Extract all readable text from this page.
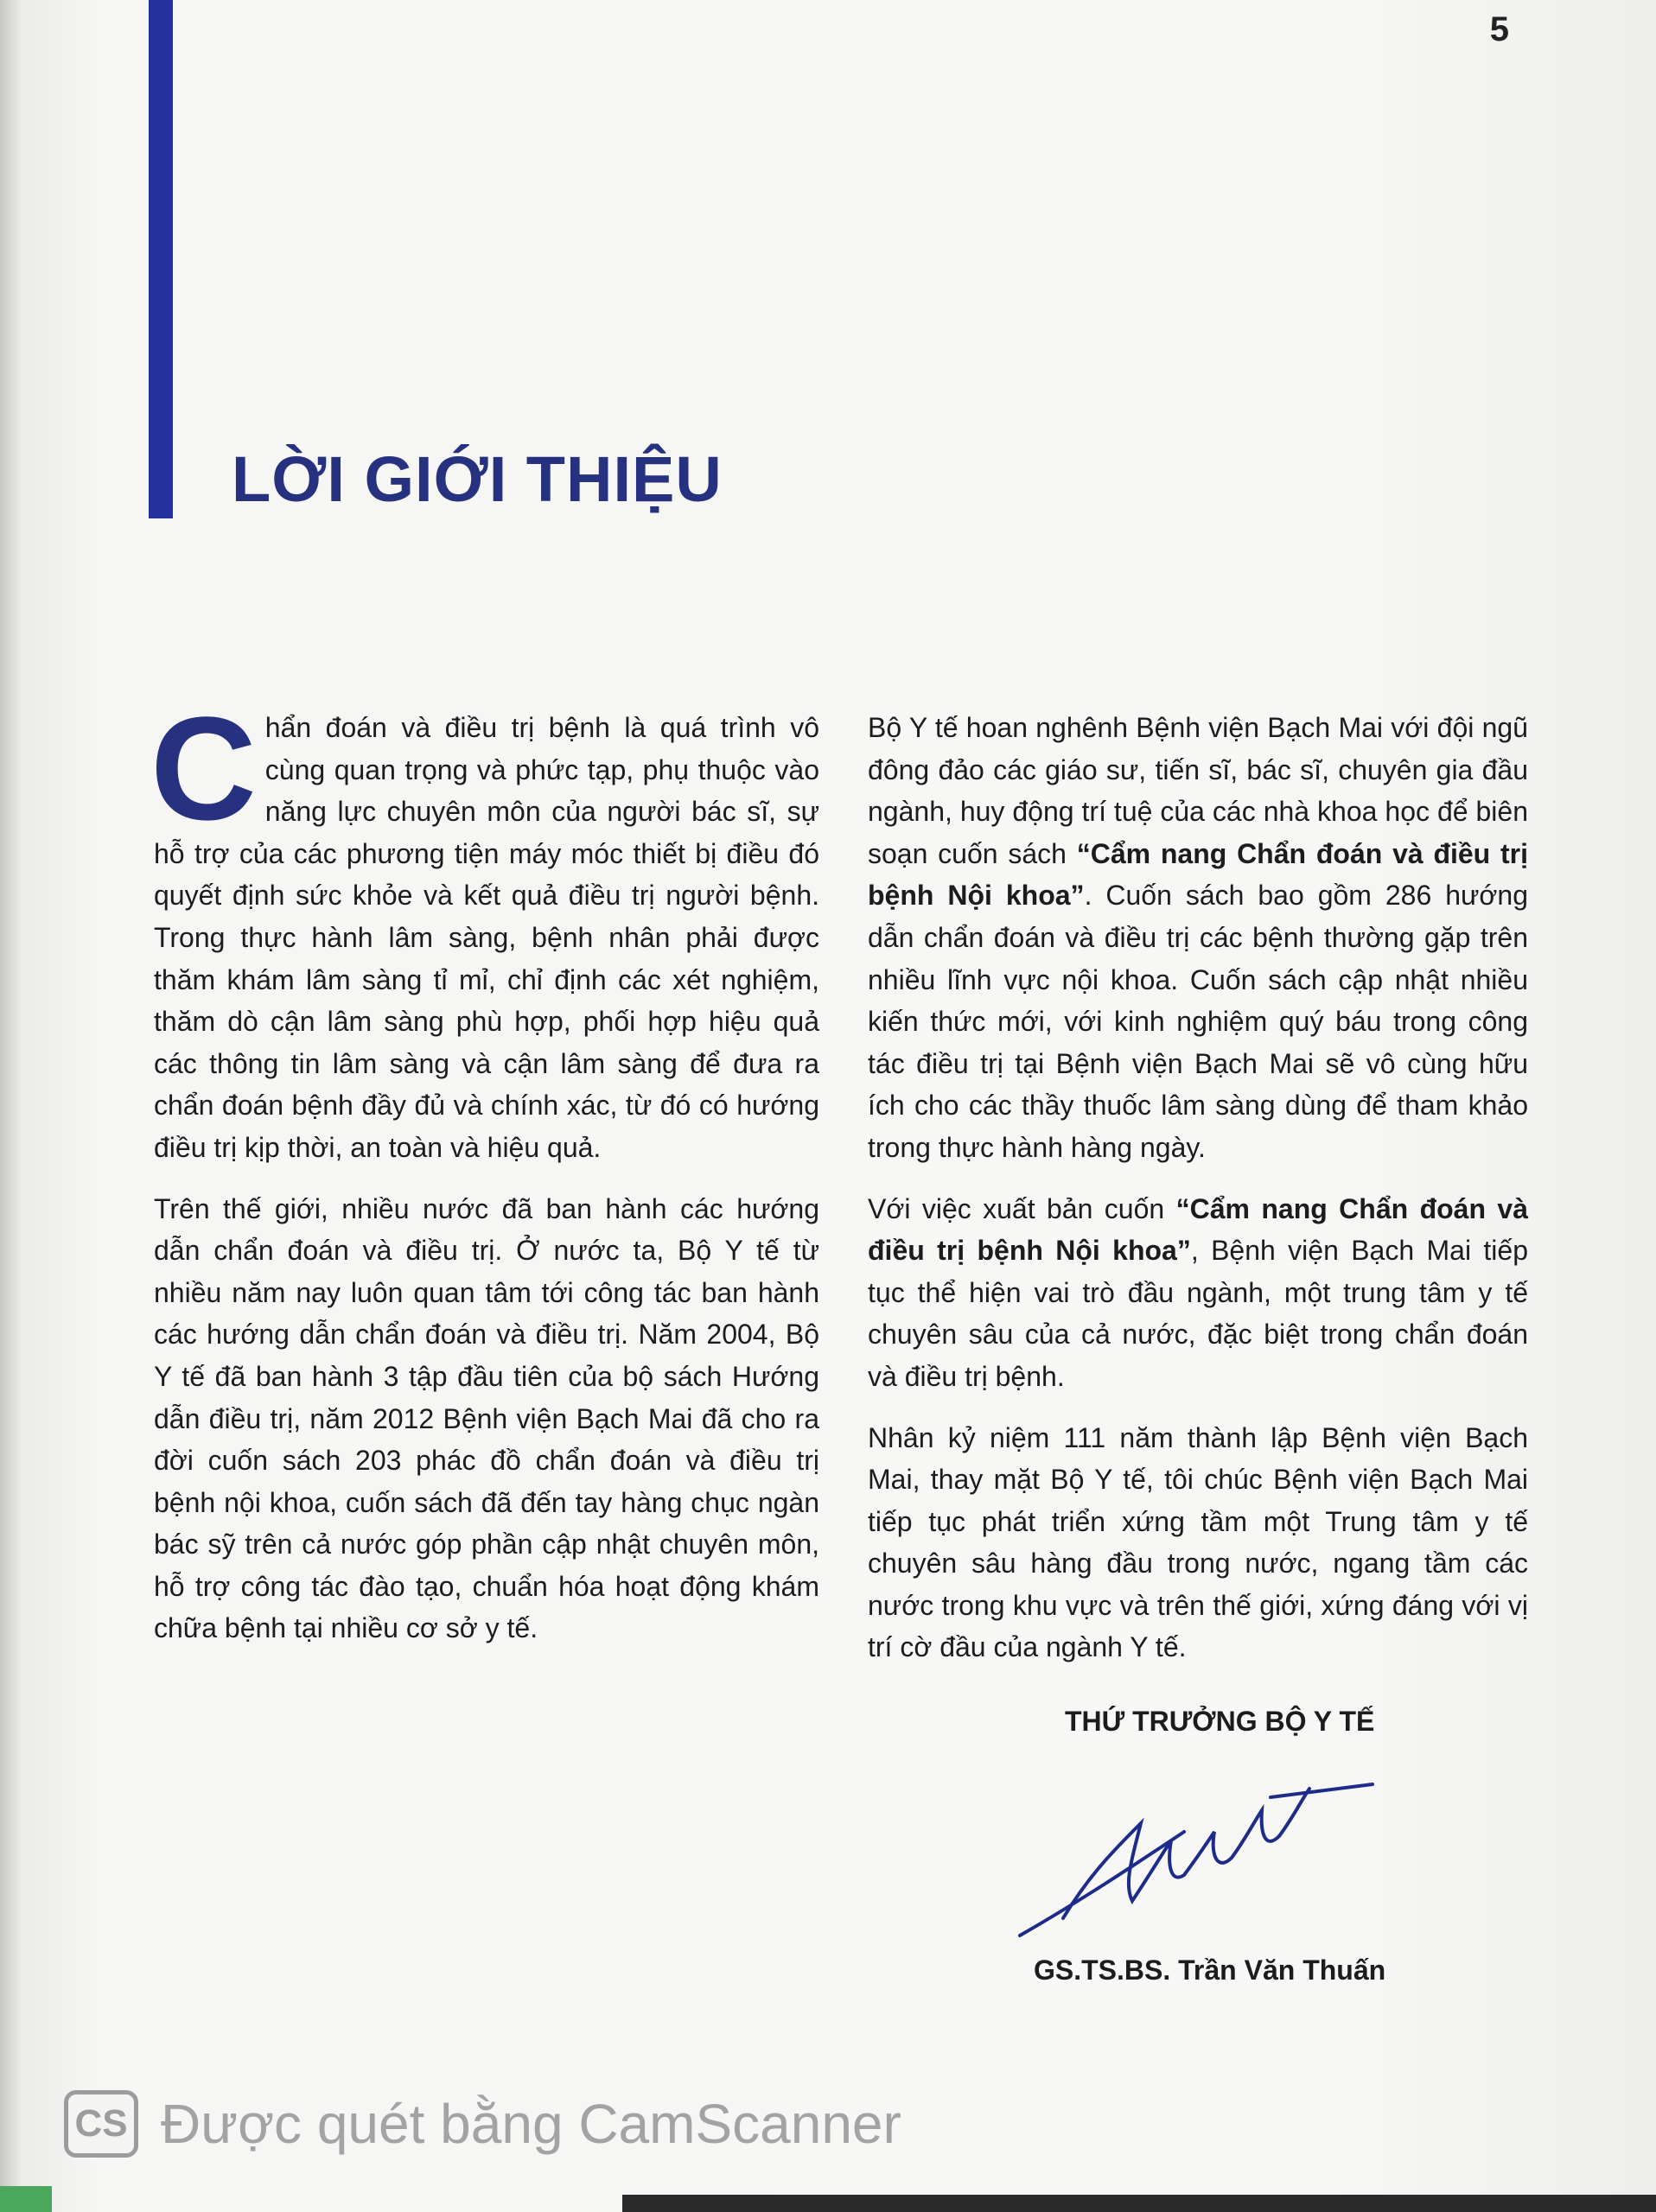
5
LỜI GIỚI THIỆU

Chẩn đoán và điều trị bệnh là quá trình vô cùng quan trọng và phức tạp, phụ thuộc vào năng lực chuyên môn của người bác sĩ, sự hỗ trợ của các phương tiện máy móc thiết bị điều đó quyết định sức khỏe và kết quả điều trị người bệnh. Trong thực hành lâm sàng, bệnh nhân phải được thăm khám lâm sàng tỉ mỉ, chỉ định các xét nghiệm, thăm dò cận lâm sàng phù hợp, phối hợp hiệu quả các thông tin lâm sàng và cận lâm sàng để đưa ra chẩn đoán bệnh đầy đủ và chính xác, từ đó có hướng điều trị kịp thời, an toàn và hiệu quả.

Trên thế giới, nhiều nước đã ban hành các hướng dẫn chẩn đoán và điều trị. Ở nước ta, Bộ Y tế từ nhiều năm nay luôn quan tâm tới công tác ban hành các hướng dẫn chẩn đoán và điều trị. Năm 2004, Bộ Y tế đã ban hành 3 tập đầu tiên của bộ sách Hướng dẫn điều trị, năm 2012 Bệnh viện Bạch Mai đã cho ra đời cuốn sách 203 phác đồ chẩn đoán và điều trị bệnh nội khoa, cuốn sách đã đến tay hàng chục ngàn bác sỹ trên cả nước góp phần cập nhật chuyên môn, hỗ trợ công tác đào tạo, chuẩn hóa hoạt động khám chữa bệnh tại nhiều cơ sở y tế.

Bộ Y tế hoan nghênh Bệnh viện Bạch Mai với đội ngũ đông đảo các giáo sư, tiến sĩ, bác sĩ, chuyên gia đầu ngành, huy động trí tuệ của các nhà khoa học để biên soạn cuốn sách “Cẩm nang Chẩn đoán và điều trị bệnh Nội khoa”. Cuốn sách bao gồm 286 hướng dẫn chẩn đoán và điều trị các bệnh thường gặp trên nhiều lĩnh vực nội khoa. Cuốn sách cập nhật nhiều kiến thức mới, với kinh nghiệm quý báu trong công tác điều trị tại Bệnh viện Bạch Mai sẽ vô cùng hữu ích cho các thầy thuốc lâm sàng dùng để tham khảo trong thực hành hàng ngày.

Với việc xuất bản cuốn “Cẩm nang Chẩn đoán và điều trị bệnh Nội khoa”, Bệnh viện Bạch Mai tiếp tục thể hiện vai trò đầu ngành, một trung tâm y tế chuyên sâu của cả nước, đặc biệt trong chẩn đoán và điều trị bệnh.

Nhân kỷ niệm 111 năm thành lập Bệnh viện Bạch Mai, thay mặt Bộ Y tế, tôi chúc Bệnh viện Bạch Mai tiếp tục phát triển xứng tầm một Trung tâm y tế chuyên sâu hàng đầu trong nước, ngang tầm các nước trong khu vực và trên thế giới, xứng đáng với vị trí cờ đầu của ngành Y tế.

THỨ TRƯỞNG BỘ Y TẾ
GS.TS.BS. Trần Văn Thuấn
CS Được quét bằng CamScanner
